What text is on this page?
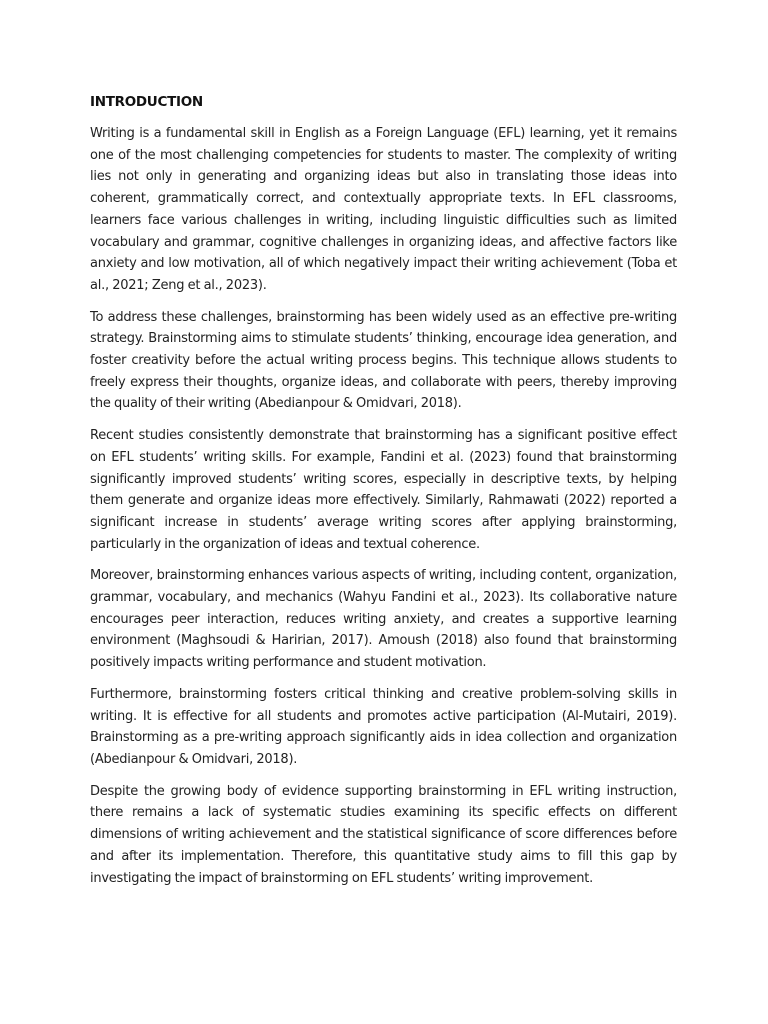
INTRODUCTION

Writing is a fundamental skill in English as a Foreign Language (EFL) learning, yet it remains one of the most challenging competencies for students to master. The complexity of writing lies not only in generating and organizing ideas but also in translating those ideas into coherent, grammatically correct, and contextually appropriate texts. In EFL classrooms, learners face various challenges in writing, including linguistic difficulties such as limited vocabulary and grammar, cognitive challenges in organizing ideas, and affective factors like anxiety and low motivation, all of which negatively impact their writing achievement (Toba et al., 2021; Zeng et al., 2023).

To address these challenges, brainstorming has been widely used as an effective pre-writing strategy. Brainstorming aims to stimulate students’ thinking, encourage idea generation, and foster creativity before the actual writing process begins. This technique allows students to freely express their thoughts, organize ideas, and collaborate with peers, thereby improving the quality of their writing (Abedianpour & Omidvari, 2018).

Recent studies consistently demonstrate that brainstorming has a significant positive effect on EFL students’ writing skills. For example, Fandini et al. (2023) found that brainstorming significantly improved students’ writing scores, especially in descriptive texts, by helping them generate and organize ideas more effectively. Similarly, Rahmawati (2022) reported a significant increase in students’ average writing scores after applying brainstorming, particularly in the organization of ideas and textual coherence.

Moreover, brainstorming enhances various aspects of writing, including content, organization, grammar, vocabulary, and mechanics (Wahyu Fandini et al., 2023). Its collaborative nature encourages peer interaction, reduces writing anxiety, and creates a supportive learning environment (Maghsoudi & Haririan, 2017). Amoush (2018) also found that brainstorming positively impacts writing performance and student motivation.

Furthermore, brainstorming fosters critical thinking and creative problem-solving skills in writing. It is effective for all students and promotes active participation (Al-Mutairi, 2019). Brainstorming as a pre-writing approach significantly aids in idea collection and organization (Abedianpour & Omidvari, 2018).

Despite the growing body of evidence supporting brainstorming in EFL writing instruction, there remains a lack of systematic studies examining its specific effects on different dimensions of writing achievement and the statistical significance of score differences before and after its implementation. Therefore, this quantitative study aims to fill this gap by investigating the impact of brainstorming on EFL students’ writing improvement.
